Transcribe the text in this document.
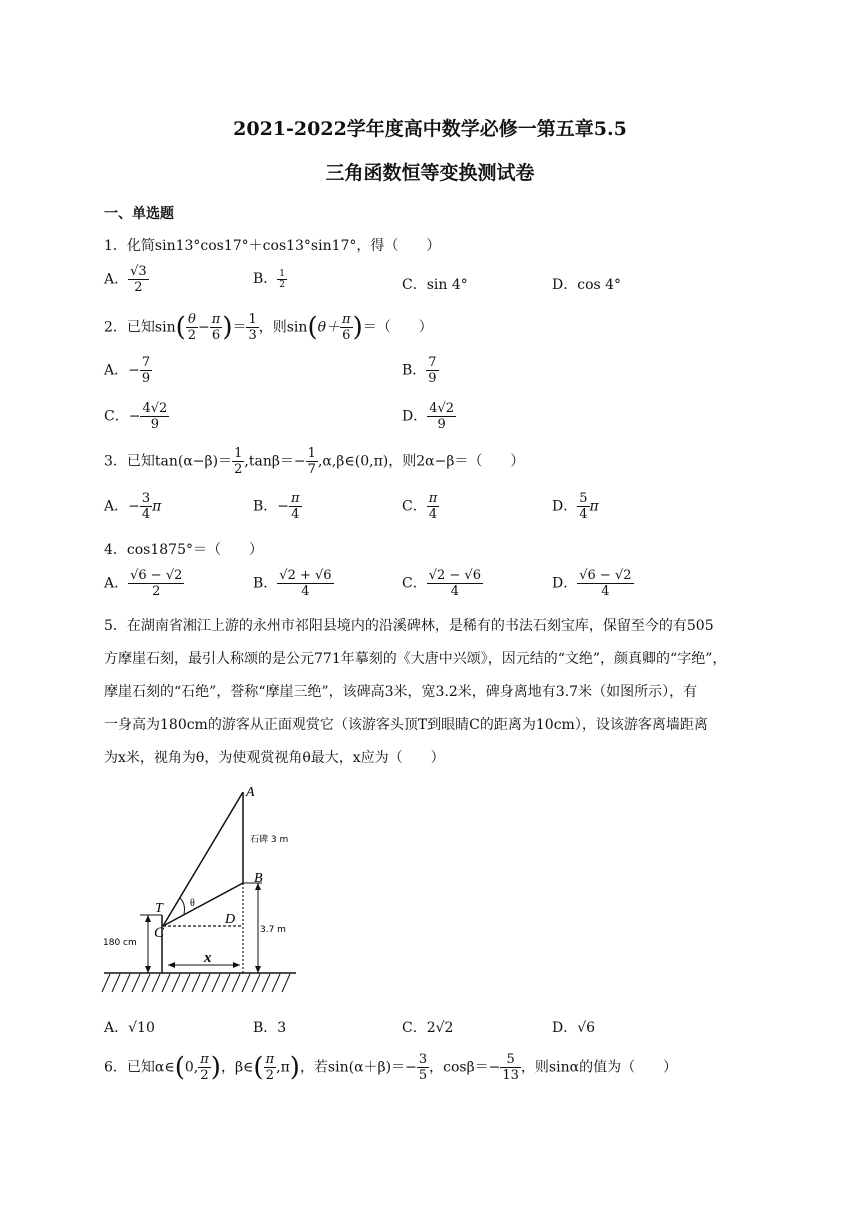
2021-2022学年度高中数学必修一第五章5.5
三角函数恒等变换测试卷
一、单选题
1．化简sin13°cos17°＋cos13°sin17°，得（　　）
A． $\frac{√3}{2}$	B． $\frac{1}{2}$	C．sin 4°	D．cos 4°
2．已知$\sin( \frac{\theta}{2} - \frac{\pi}{6}$ )＝ $\frac{1}{3}$ ，则$\sin(\theta+ \frac{\pi}{6}$ )＝（　　）
A．− $\frac{7}{9}$	B． $\frac{7}{9}$
C．− $\frac{4√2}{9}$	D． $\frac{4√2}{9}$
3．已知$\tan(\alpha-\beta)= \frac{1}{2} ,\tan\beta=- \frac{1}{7}$ ,α,β∈(0,π)，则2α−β＝（　　）
A．− $\frac{3}{4}$ π	B．− $\frac{\pi}{4}$	C． $\frac{\pi}{4}$	D． $\frac{5}{4}$ π
4．cos1875°＝（　　）
A． $\frac{√6 - √2}{2}$	B． $\frac{√2 + √6}{4}$	C． $\frac{√2 - √6}{4}$	D． $\frac{√6 - √2}{4}$
5．在湖南省湘江上游的永州市祁阳县境内的沿溪碑林，是稀有的书法石刻宝库，保留至今的有505
方摩崖石刻，最引人称颂的是公元771年摹刻的《大唐中兴颂》，因元结的“文绝”，颜真卿的“字绝”，
摩崖石刻的“石绝”，誉称“摩崖三绝”，该碑高3米，宽3.2米，碑身离地有3.7米（如图所示），有
一身高为180cm的游客从正面观赏它（该游客头顶T到眼睛C的距离为10cm），设该游客离墙距离
为x米，视角为θ，为使观赏视角θ最大，x应为（　　）
A
石碑 3 m
B
T
C
θ
D
3.7 m
180 cm
x
A．√10	B．3	C．2√2	D．√6
6．已知α∈(0, $\frac{\pi}{2}$ )，β∈( $\frac{\pi}{2} ,\pi$)，若$\sin(\alpha+\beta)=- \frac{3}{5}$ ，$\cos\beta=- \frac{5}{13}$ ，则sinα的值为（　　）
